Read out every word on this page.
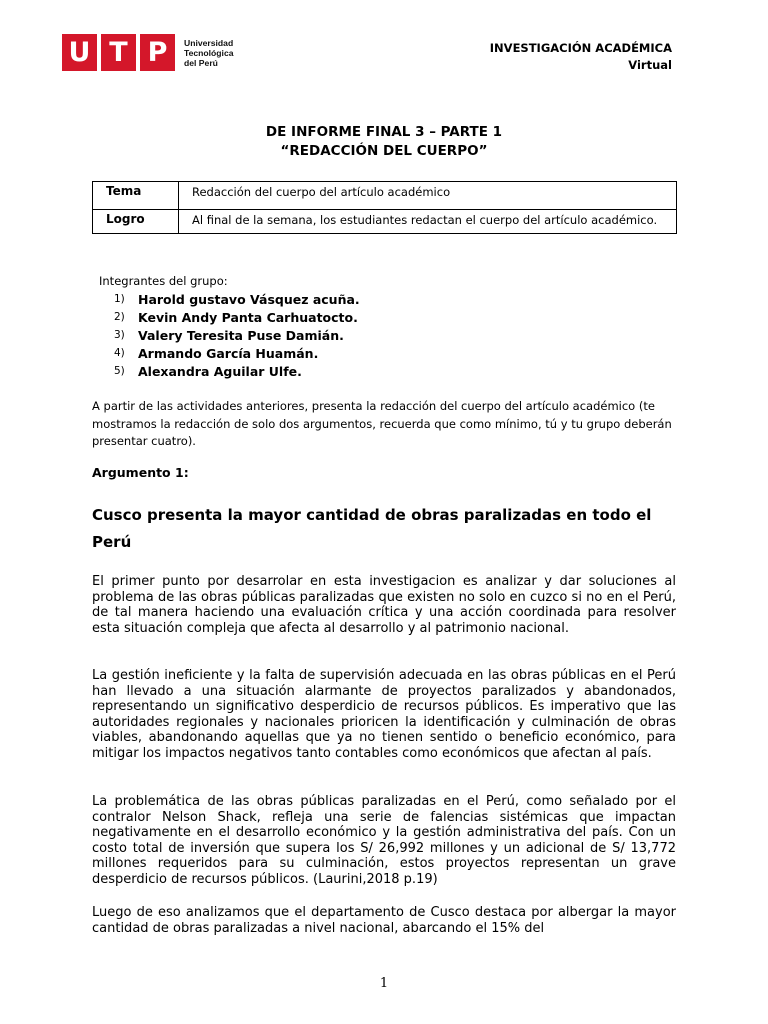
U T P	Universidad
Tecnológica
del Perú
INVESTIGACIÓN ACADÉMICA
Virtual
DE INFORME FINAL 3 – PARTE 1
“REDACCIÓN DEL CUERPO”
Tema	Redacción del cuerpo del artículo académico
Logro	Al final de la semana, los estudiantes redactan el cuerpo del artículo académico.
Integrantes del grupo:
1)	Harold gustavo Vásquez acuña.
2)	Kevin Andy Panta Carhuatocto.
3)	Valery Teresita Puse Damián.
4)	Armando García Huamán.
5)	Alexandra Aguilar Ulfe.
A partir de las actividades anteriores, presenta la redacción del cuerpo del artículo académico (te mostramos la redacción de solo dos argumentos, recuerda que como mínimo, tú y tu grupo deberán presentar cuatro).
Argumento 1:
Cusco presenta la mayor cantidad de obras paralizadas en todo el Perú
El primer punto por desarrolar en esta investigacion es analizar y dar soluciones al problema de las obras públicas paralizadas que existen no solo en cuzco si no en el Perú, de tal manera haciendo una evaluación crítica y una acción coordinada para resolver esta situación compleja que afecta al desarrollo y al patrimonio nacional.
La gestión ineficiente y la falta de supervisión adecuada en las obras públicas en el Perú han llevado a una situación alarmante de proyectos paralizados y abandonados, representando un significativo desperdicio de recursos públicos. Es imperativo que las autoridades regionales y nacionales prioricen la identificación y culminación de obras viables, abandonando aquellas que ya no tienen sentido o beneficio económico, para mitigar los impactos negativos tanto contables como económicos que afectan al país.
La problemática de las obras públicas paralizadas en el Perú, como señalado por el contralor Nelson Shack, refleja una serie de falencias sistémicas que impactan negativamente en el desarrollo económico y la gestión administrativa del país. Con un costo total de inversión que supera los S/ 26,992 millones y un adicional de S/ 13,772 millones requeridos para su culminación, estos proyectos representan un grave desperdicio de recursos públicos. (Laurini,2018 p.19)
Luego de eso analizamos que el departamento de Cusco destaca por albergar la mayor cantidad de obras paralizadas a nivel nacional, abarcando el 15% del
1
